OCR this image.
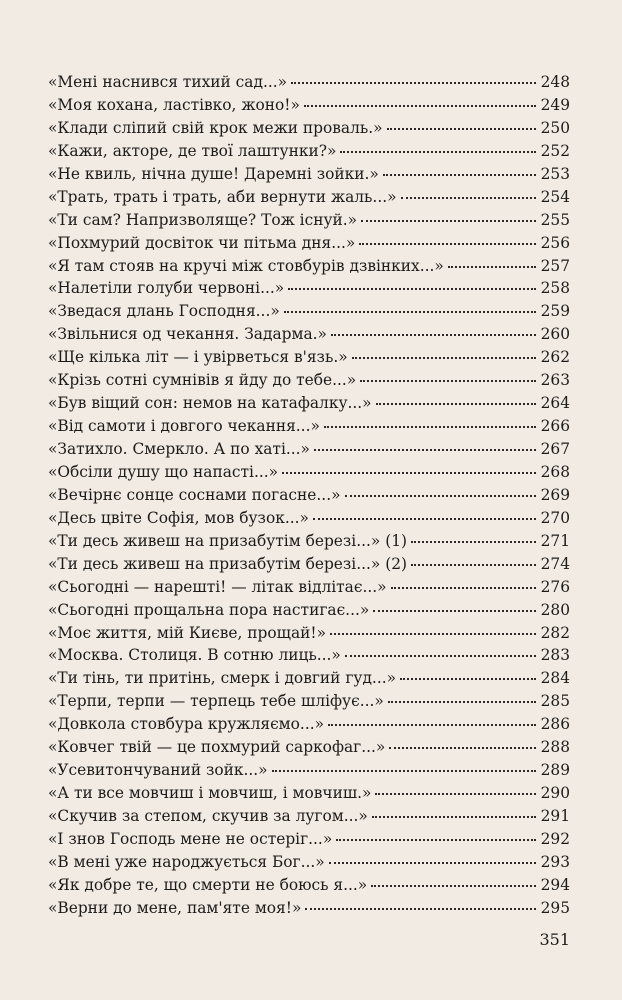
«Мені наснився тихий сад...»	248
«Моя кохана, ластівко, жоно!»	249
«Клади сліпий свій крок межи проваль.»	250
«Кажи, акторе, де твої лаштунки?»	252
«Не квиль, нічна душе! Даремні зойки.»	253
«Трать, трать і трать, аби вернути жаль...»	254
«Ти сам? Напризволяще? Тож існуй.»	255
«Похмурий досвіток чи пітьма дня...»	256
«Я там стояв на кручі між стовбурів дзвінких...»	257
«Налетіли голуби червоні...»	258
«Зведася длань Господня...»	259
«Звільнися од чекання. Задарма.»	260
«Ще кілька літ — і увірветься в'язь.»	262
«Крізь сотні сумнівів я йду до тебе...»	263
«Був віщий сон: немов на катафалку...»	264
«Від самоти і довгого чекання...»	266
«Затихло. Смеркло. А по хаті...»	267
«Обсіли душу що напасті...»	268
«Вечірнє сонце соснами погасне...»	269
«Десь цвіте Софія, мов бузок...»	270
«Ти десь живеш на призабутім березі...» (1)	271
«Ти десь живеш на призабутім березі...» (2)	274
«Сьогодні — нарешті! — літак відлітає...»	276
«Сьогодні прощальна пора настигає...»	280
«Моє життя, мій Києве, прощай!»	282
«Москва. Столиця. В сотню лиць...»	283
«Ти тінь, ти притінь, смерк і довгий гуд...»	284
«Терпи, терпи — терпець тебе шліфує...»	285
«Довкола стовбура кружляємо...»	286
«Ковчег твій — це похмурий саркофаг...»	288
«Усевитончуваний зойк...»	289
«А ти все мовчиш і мовчиш, і мовчиш.»	290
«Скучив за степом, скучив за лугом...»	291
«І знов Господь мене не остеріг...»	292
«В мені уже народжується Бог...»	293
«Як добре те, що смерти не боюсь я...»	294
«Верни до мене, пам'яте моя!»	295
351
